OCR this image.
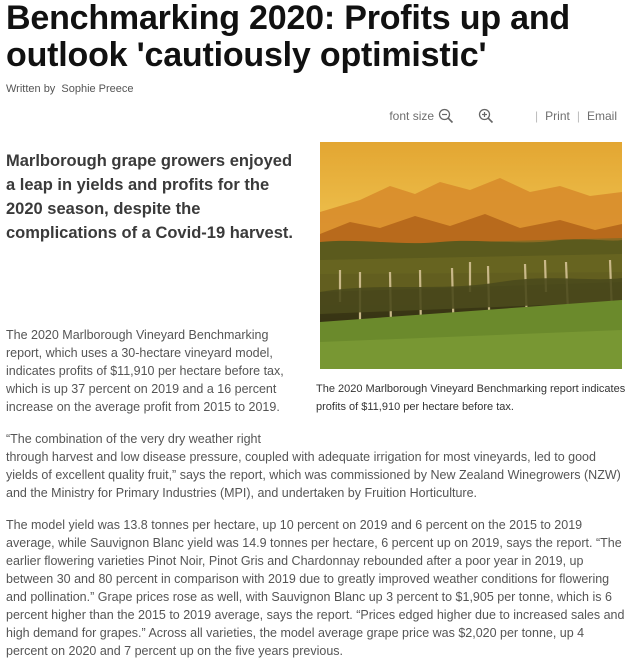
Benchmarking 2020: Profits up and outlook 'cautiously optimistic'
Written by Sophie Preece
font size	| Print | Email

Marlborough grape growers enjoyed a leap in yields and profits for the 2020 season, despite the complications of a Covid-19 harvest.

The 2020 Marlborough Vineyard Benchmarking report, which uses a 30-hectare vineyard model, indicates profits of $11,910 per hectare before tax, which is up 37 percent on 2019 and a 16 percent increase on the average profit from 2015 to 2019.

The 2020 Marlborough Vineyard Benchmarking report indicates profits of $11,910 per hectare before tax.

“The combination of the very dry weather right
through harvest and low disease pressure, coupled with adequate irrigation for most vineyards, led to good yields of excellent quality fruit,” says the report, which was commissioned by New Zealand Winegrowers (NZW) and the Ministry for Primary Industries (MPI), and undertaken by Fruition Horticulture.

The model yield was 13.8 tonnes per hectare, up 10 percent on 2019 and 6 percent on the 2015 to 2019 average, while Sauvignon Blanc yield was 14.9 tonnes per hectare, 6 percent up on 2019, says the report. “The earlier flowering varieties Pinot Noir, Pinot Gris and Chardonnay rebounded after a poor year in 2019, up between 30 and 80 percent in comparison with 2019 due to greatly improved weather conditions for flowering and pollination.” Grape prices rose as well, with Sauvignon Blanc up 3 percent to $1,905 per tonne, which is 6 percent higher than the 2015 to 2019 average, says the report. “Prices edged higher due to increased sales and high demand for grapes.” Across all varieties, the model average grape price was $2,020 per tonne, up 4 percent on 2020 and 7 percent up on the five years previous.
